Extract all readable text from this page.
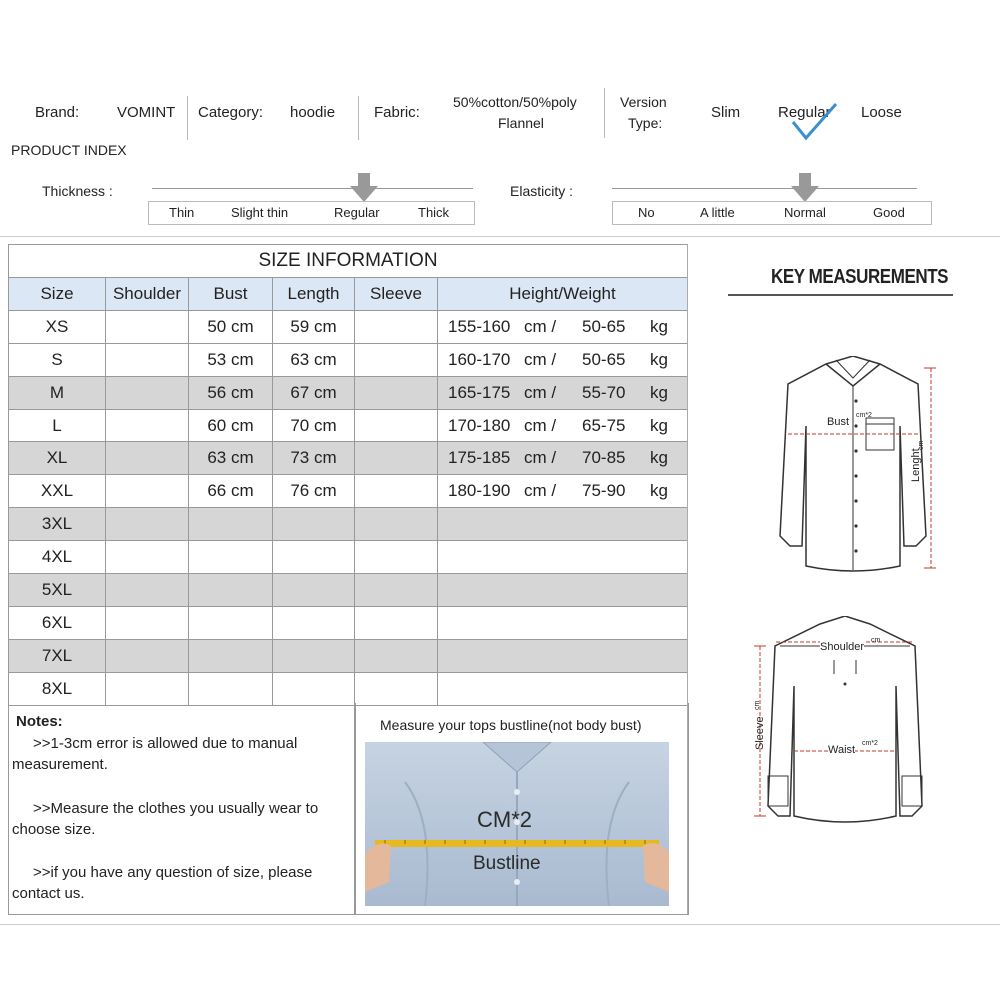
Brand:	VOMINT Category: hoodie	Fabric:
50%cotton/50%poly
Flannel
Version
Type:
Slim	Regular Loose
PRODUCT INDEX
Thickness :
Thin	Slight thin	Regular	Thick
Elasticity :
No	A little	Normal	Good
SIZE INFORMATION					
Size	Shoulder	Bust	Length	Sleeve	Height/Weight
XS		50 cm	59 cm		155-160 cm / 50-65 kg

S		53 cm	63 cm		160-170 cm / 50-65 kg

M		56 cm	67 cm		165-175 cm / 55-70 kg

L		60 cm	70 cm		170-180 cm / 65-75 kg

XL		63 cm	73 cm		175-185 cm / 70-85 kg

XXL		66 cm	76 cm		180-190 cm / 75-90 kg

3XL					

4XL					

5XL					

6XL					

7XL					

8XL					
Notes:
>>1-3cm error is allowed due to manual
measurement.
>>Measure the clothes you usually wear to
choose size.
>>if you have any question of size, please
contact us.
Measure your tops bustline(not body bust)
CM*2
Bustline
KEY MEASUREMENTS
Bust
cm*2
Lenght
cm
Shoulder
cm
Sleeve
cm
Waist
cm*2
